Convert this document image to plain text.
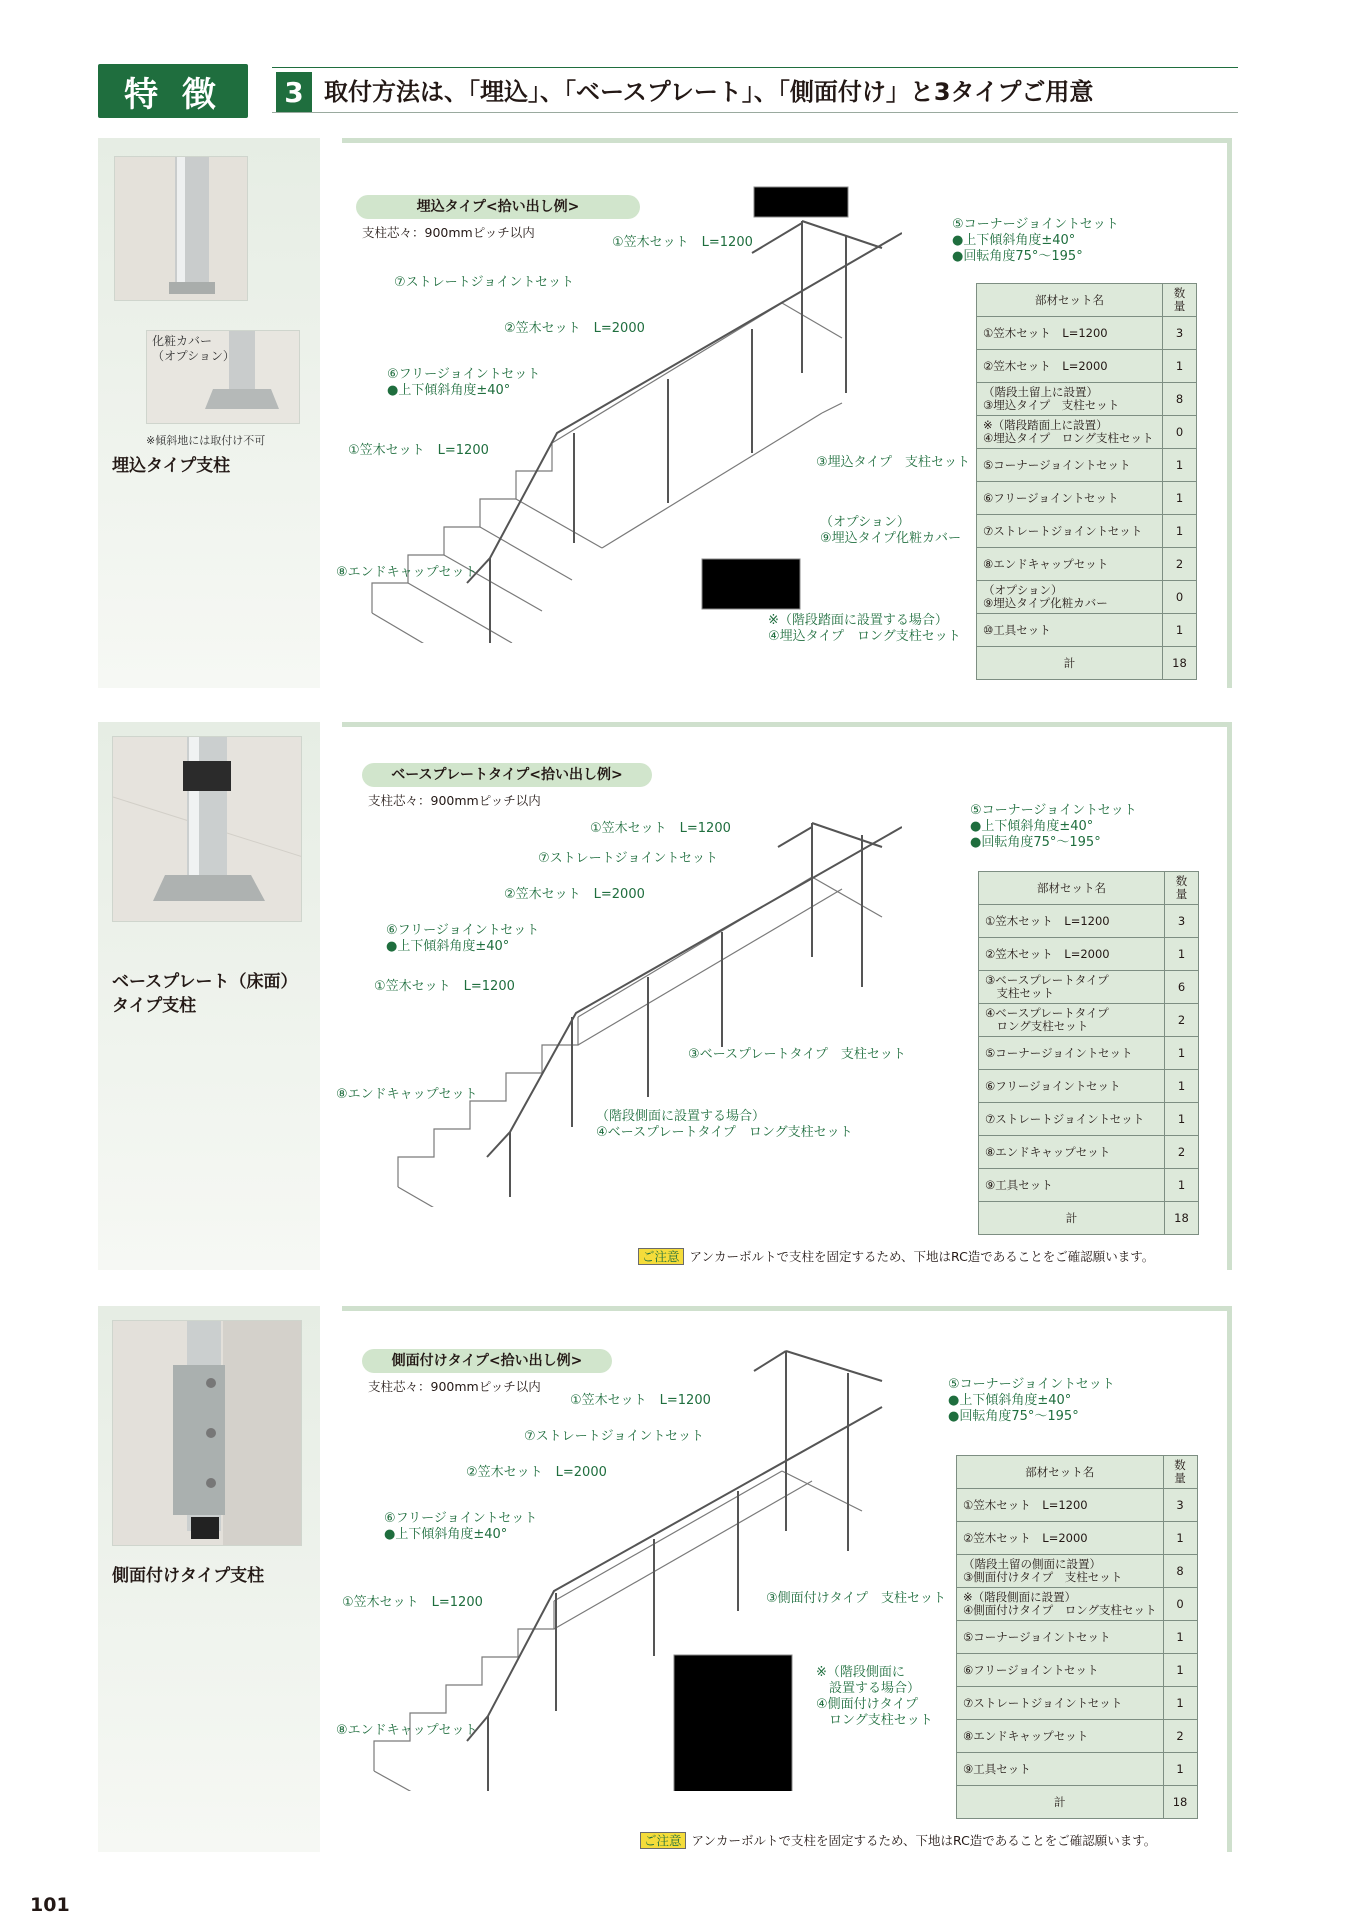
特 徴	3 取付方法は、「埋込」、「ベースプレート」、「側面付け」と3タイプご用意
化粧カバー
（オプション）
※傾斜地には取付け不可
埋込タイプ支柱
埋込タイプ<拾い出し例>
支柱芯々：900mmピッチ以内
①笠木セット　L=1200
⑦ストレートジョイントセット
②笠木セット　L=2000
⑥フリージョイントセット
●上下傾斜角度±40°
①笠木セット　L=1200
⑧エンドキャップセット
⑤コーナージョイントセット
●上下傾斜角度±40°
●回転角度75°〜195°
③埋込タイプ　支柱セット
（オプション）
⑨埋込タイプ化粧カバー
※（階段踏面に設置する場合）
④埋込タイプ　ロング支柱セット
部材セット名	数量
①笠木セット　L=1200	3
②笠木セット　L=2000	1
（階段土留上に設置）
③埋込タイプ　支柱セット	8
※（階段踏面上に設置）
④埋込タイプ　ロング支柱セット	0
⑤コーナージョイントセット	1
⑥フリージョイントセット	1
⑦ストレートジョイントセット	1
⑧エンドキャップセット	2
（オプション）
⑨埋込タイプ化粧カバー	0
⑩工具セット	1
計	18
ベースプレート（床面）
タイプ支柱
ベースプレートタイプ<拾い出し例>
支柱芯々：900mmピッチ以内
①笠木セット　L=1200
⑦ストレートジョイントセット
②笠木セット　L=2000
⑥フリージョイントセット
●上下傾斜角度±40°
①笠木セット　L=1200
⑧エンドキャップセット
⑤コーナージョイントセット
●上下傾斜角度±40°
●回転角度75°〜195°
③ベースプレートタイプ　支柱セット
（階段側面に設置する場合）
④ベースプレートタイプ　ロング支柱セット
部材セット名	数量
①笠木セット　L=1200	3
②笠木セット　L=2000	1
③ベースプレートタイプ
　支柱セット	6
④ベースプレートタイプ
　ロング支柱セット	2
⑤コーナージョイントセット	1
⑥フリージョイントセット	1
⑦ストレートジョイントセット	1
⑧エンドキャップセット	2
⑨工具セット	1
計	18
ご注意 アンカーボルトで支柱を固定するため、下地はRC造であることをご確認願います。
側面付けタイプ支柱
側面付けタイプ<拾い出し例>
支柱芯々：900mmピッチ以内
①笠木セット　L=1200
⑦ストレートジョイントセット
②笠木セット　L=2000
⑥フリージョイントセット
●上下傾斜角度±40°
①笠木セット　L=1200
⑧エンドキャップセット
⑤コーナージョイントセット
●上下傾斜角度±40°
●回転角度75°〜195°
③側面付けタイプ　支柱セット
※（階段側面に
　設置する場合）
④側面付けタイプ
　ロング支柱セット
部材セット名	数量
①笠木セット　L=1200	3
②笠木セット　L=2000	1
（階段土留の側面に設置）
③側面付けタイプ　支柱セット	8
※（階段側面に設置）
④側面付けタイプ　ロング支柱セット	0
⑤コーナージョイントセット	1
⑥フリージョイントセット	1
⑦ストレートジョイントセット	1
⑧エンドキャップセット	2
⑨工具セット	1
計	18
ご注意 アンカーボルトで支柱を固定するため、下地はRC造であることをご確認願います。
101
